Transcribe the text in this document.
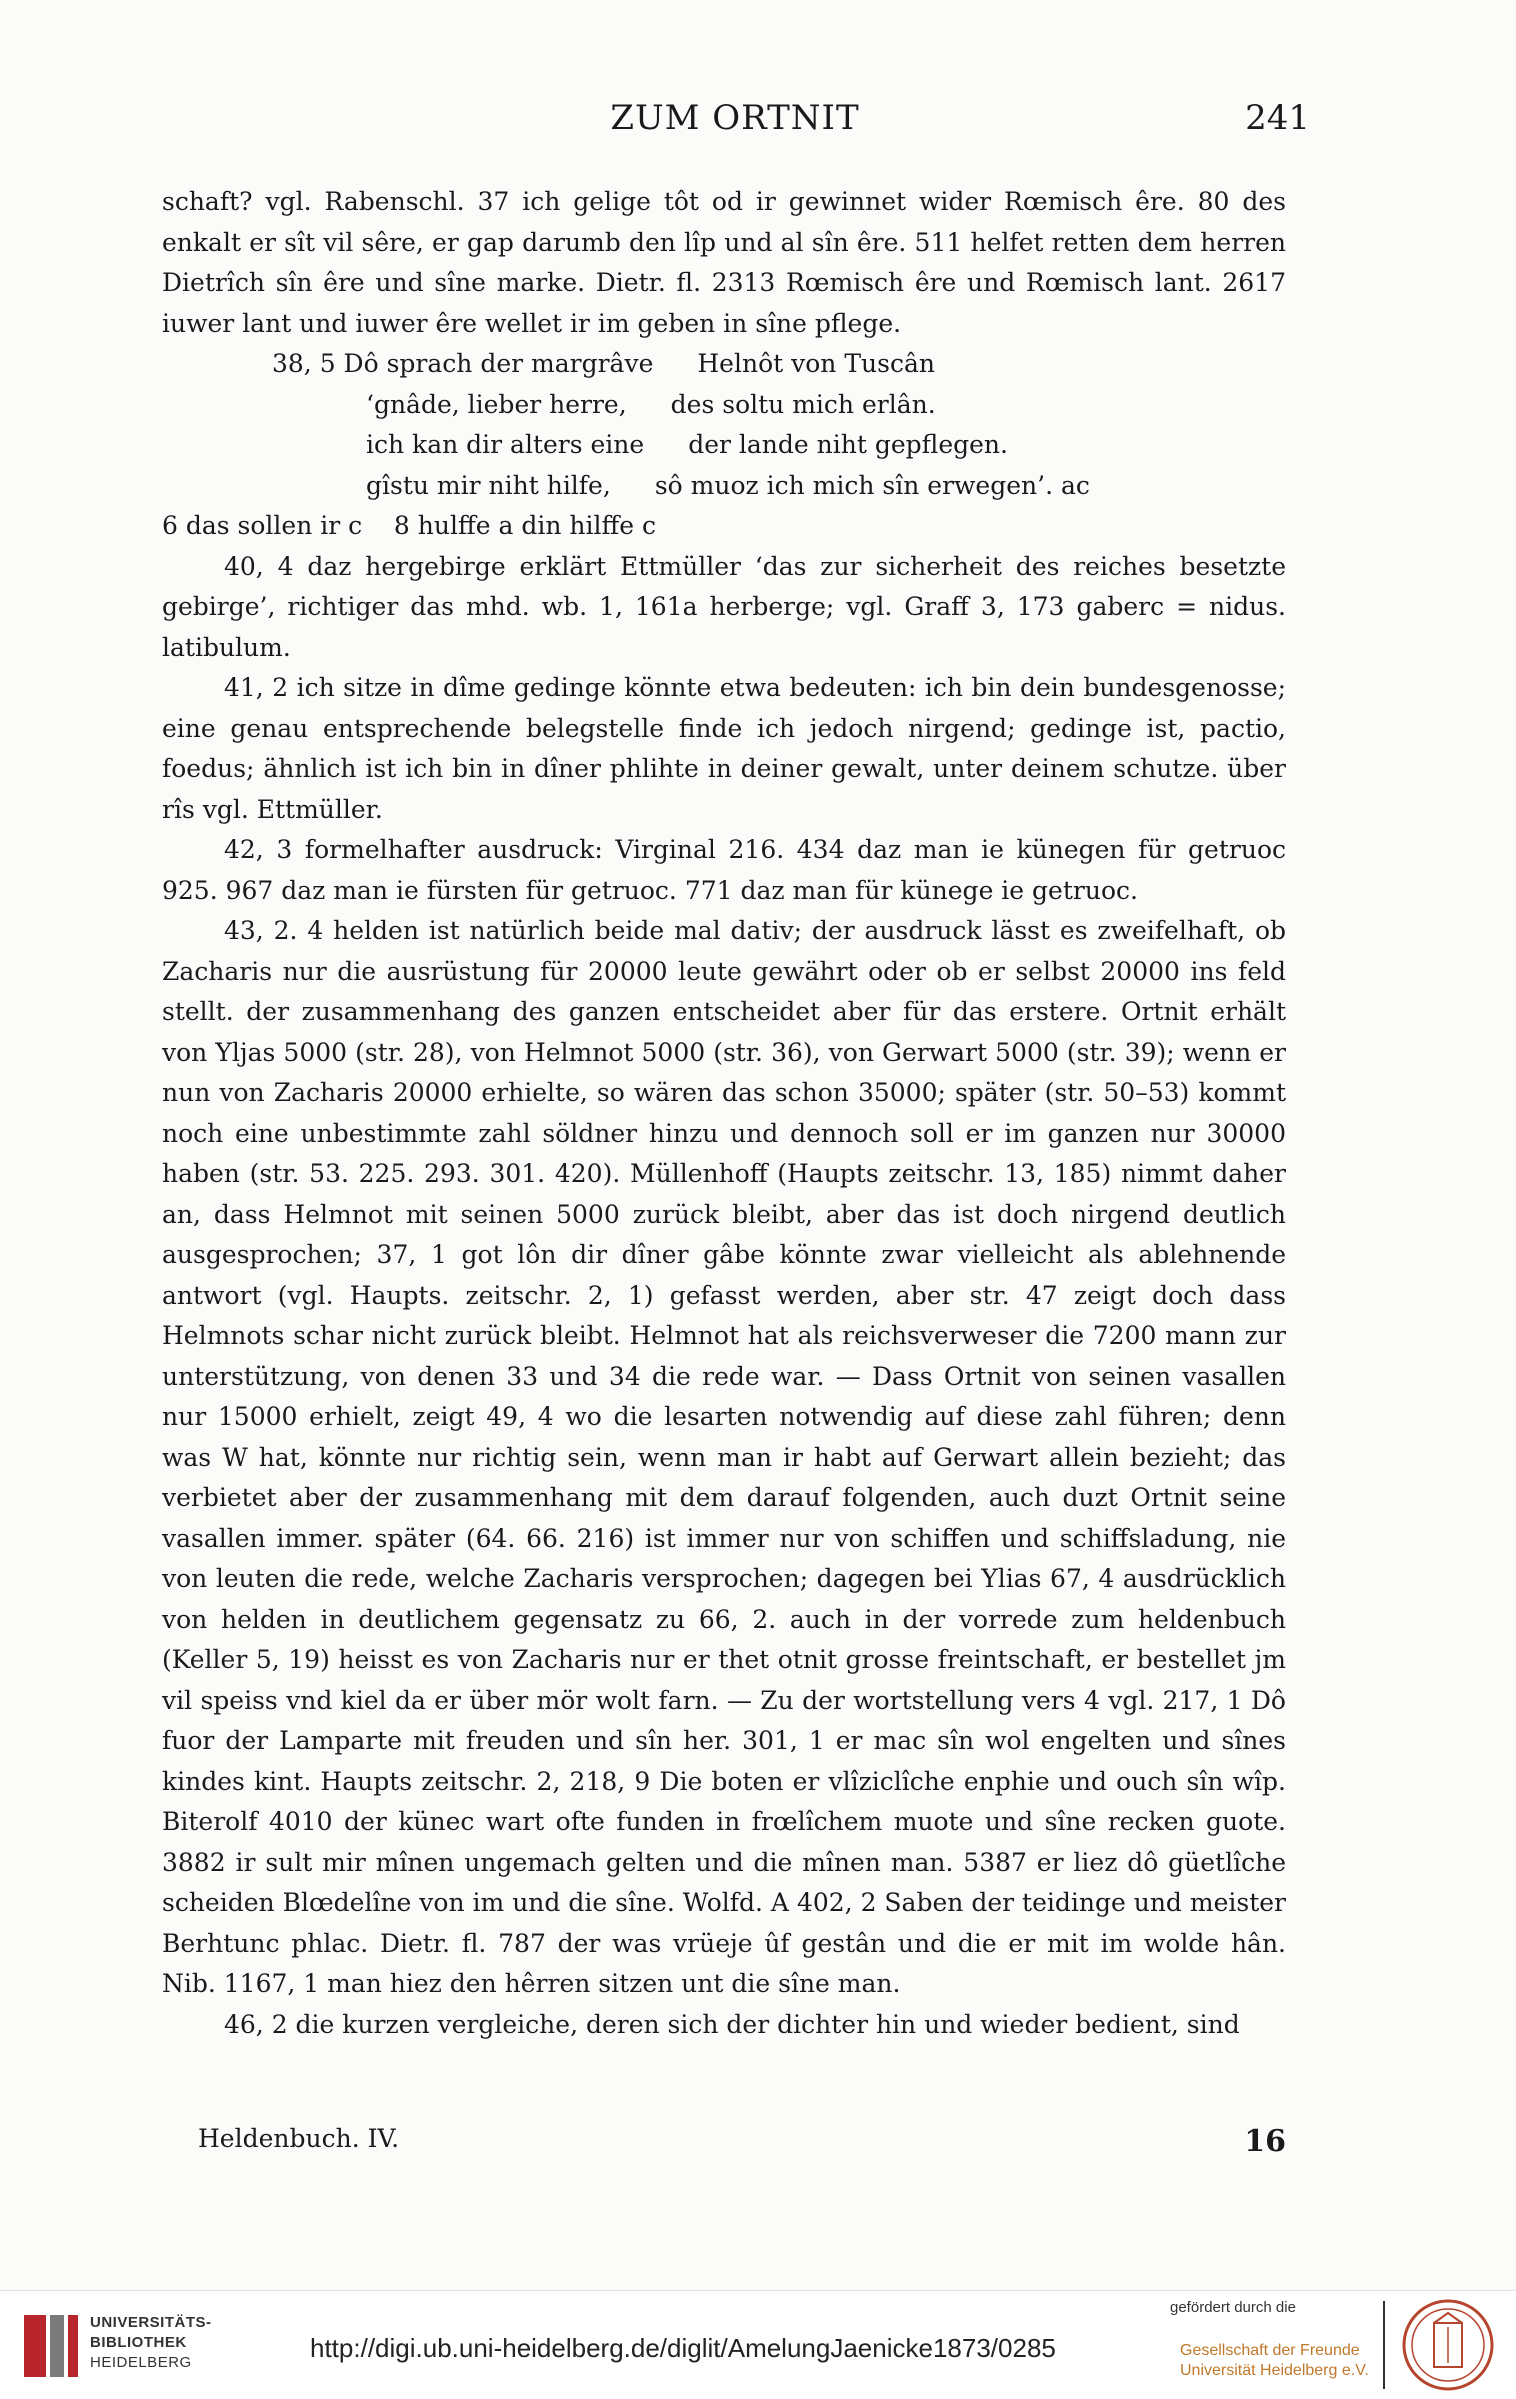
ZUM ORTNIT	241

schaft? vgl. Rabenschl. 37 ich gelige tôt od ir gewinnet wider Rœmisch êre. 80 des enkalt er sît vil sêre, er gap darumb den lîp und al sîn êre. 511 helfet retten dem herren Dietrîch sîn êre und sîne marke. Dietr. fl. 2313 Rœmisch êre und Rœmisch lant. 2617 iuwer lant und iuwer êre wellet ir im geben in sîne pflege.

38, 5 Dô sprach der margrâve Helnôt von Tuscân
‘gnâde, lieber herre, des soltu mich erlân.
ich kan dir alters eine der lande niht gepflegen.
gîstu mir niht hilfe, sô muoz ich mich sîn erwegen’. ac

6 das sollen ir c    8 hulffe a din hilffe c

40, 4 daz hergebirge erklärt Ettmüller ‘das zur sicherheit des reiches besetzte gebirge’, richtiger das mhd. wb. 1, 161a herberge; vgl. Graff 3, 173 gaberc = nidus. latibulum.

41, 2 ich sitze in dîme gedinge könnte etwa bedeuten: ich bin dein bundesgenosse; eine genau entsprechende belegstelle finde ich jedoch nirgend; gedinge ist, pactio, foedus; ähnlich ist ich bin in dîner phlihte in deiner gewalt, unter deinem schutze. über rîs vgl. Ettmüller.

42, 3 formelhafter ausdruck: Virginal 216. 434 daz man ie künegen für getruoc 925. 967 daz man ie fürsten für getruoc. 771 daz man für künege ie getruoc.

43, 2. 4 helden ist natürlich beide mal dativ; der ausdruck lässt es zweifelhaft, ob Zacharis nur die ausrüstung für 20000 leute gewährt oder ob er selbst 20000 ins feld stellt. der zusammenhang des ganzen entscheidet aber für das erstere. Ortnit erhält von Yljas 5000 (str. 28), von Helmnot 5000 (str. 36), von Gerwart 5000 (str. 39); wenn er nun von Zacharis 20000 erhielte, so wären das schon 35000; später (str. 50–53) kommt noch eine unbestimmte zahl söldner hinzu und dennoch soll er im ganzen nur 30000 haben (str. 53. 225. 293. 301. 420). Müllenhoff (Haupts zeitschr. 13, 185) nimmt daher an, dass Helmnot mit seinen 5000 zurück bleibt, aber das ist doch nirgend deutlich ausgesprochen; 37, 1 got lôn dir dîner gâbe könnte zwar vielleicht als ablehnende antwort (vgl. Haupts. zeitschr. 2, 1) gefasst werden, aber str. 47 zeigt doch dass Helmnots schar nicht zurück bleibt. Helmnot hat als reichsverweser die 7200 mann zur unterstützung, von denen 33 und 34 die rede war. — Dass Ortnit von seinen vasallen nur 15000 erhielt, zeigt 49, 4 wo die lesarten notwendig auf diese zahl führen; denn was W hat, könnte nur richtig sein, wenn man ir habt auf Gerwart allein bezieht; das verbietet aber der zusammenhang mit dem darauf folgenden, auch duzt Ortnit seine vasallen immer. später (64. 66. 216) ist immer nur von schiffen und schiffsladung, nie von leuten die rede, welche Zacharis versprochen; dagegen bei Ylias 67, 4 ausdrücklich von helden in deutlichem gegensatz zu 66, 2. auch in der vorrede zum heldenbuch (Keller 5, 19) heisst es von Zacharis nur er thet otnit grosse freintschaft, er bestellet jm vil speiss vnd kiel da er über mör wolt farn. — Zu der wortstellung vers 4 vgl. 217, 1 Dô fuor der Lamparte mit freuden und sîn her. 301, 1 er mac sîn wol engelten und sînes kindes kint. Haupts zeitschr. 2, 218, 9 Die boten er vlîziclîche enphie und ouch sîn wîp. Biterolf 4010 der künec wart ofte funden in frœlîchem muote und sîne recken guote. 3882 ir sult mir mînen ungemach gelten und die mînen man. 5387 er liez dô güetlîche scheiden Blœdelîne von im und die sîne. Wolfd. A 402, 2 Saben der teidinge und meister Berhtunc phlac. Dietr. fl. 787 der was vrüeje ûf gestân und die er mit im wolde hân. Nib. 1167, 1 man hiez den hêrren sitzen unt die sîne man.

46, 2 die kurzen vergleiche, deren sich der dichter hin und wieder bedient, sind

Heldenbuch. IV.	16
UNIVERSITÄTS-
BIBLIOTHEK
HEIDELBERG	http://digi.ub.uni-heidelberg.de/diglit/AmelungJaenicke1873/0285
gefördert durch die
Gesellschaft der Freunde
Universität Heidelberg e.V.
